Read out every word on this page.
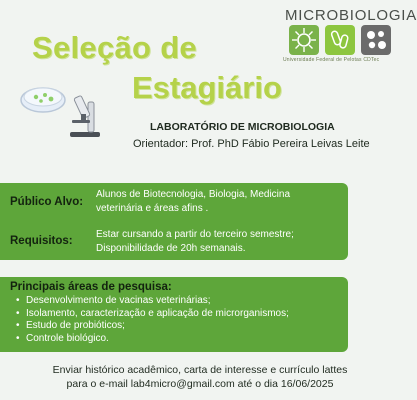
Seleção de
Estagiário
MICROBIOLOGIA
Universidade Federal de Pelotas CDTec
LABORATÓRIO DE MICROBIOLOGIA
Orientador: Prof. PhD Fábio Pereira Leivas Leite
Público Alvo:
Alunos de Biotecnologia, Biologia, Medicina
veterinária e áreas afins .
Requisitos:
Estar cursando a partir do terceiro semestre;
Disponibilidade de 20h semanais.
Principais áreas de pesquisa:
• Desenvolvimento de vacinas veterinárias;
• Isolamento, caracterização e aplicação de microrganismos;
• Estudo de probióticos;
• Controle biológico.
Enviar histórico acadêmico, carta de interesse e currículo lattes
para o e-mail lab4micro@gmail.com até o dia 16/06/2025
